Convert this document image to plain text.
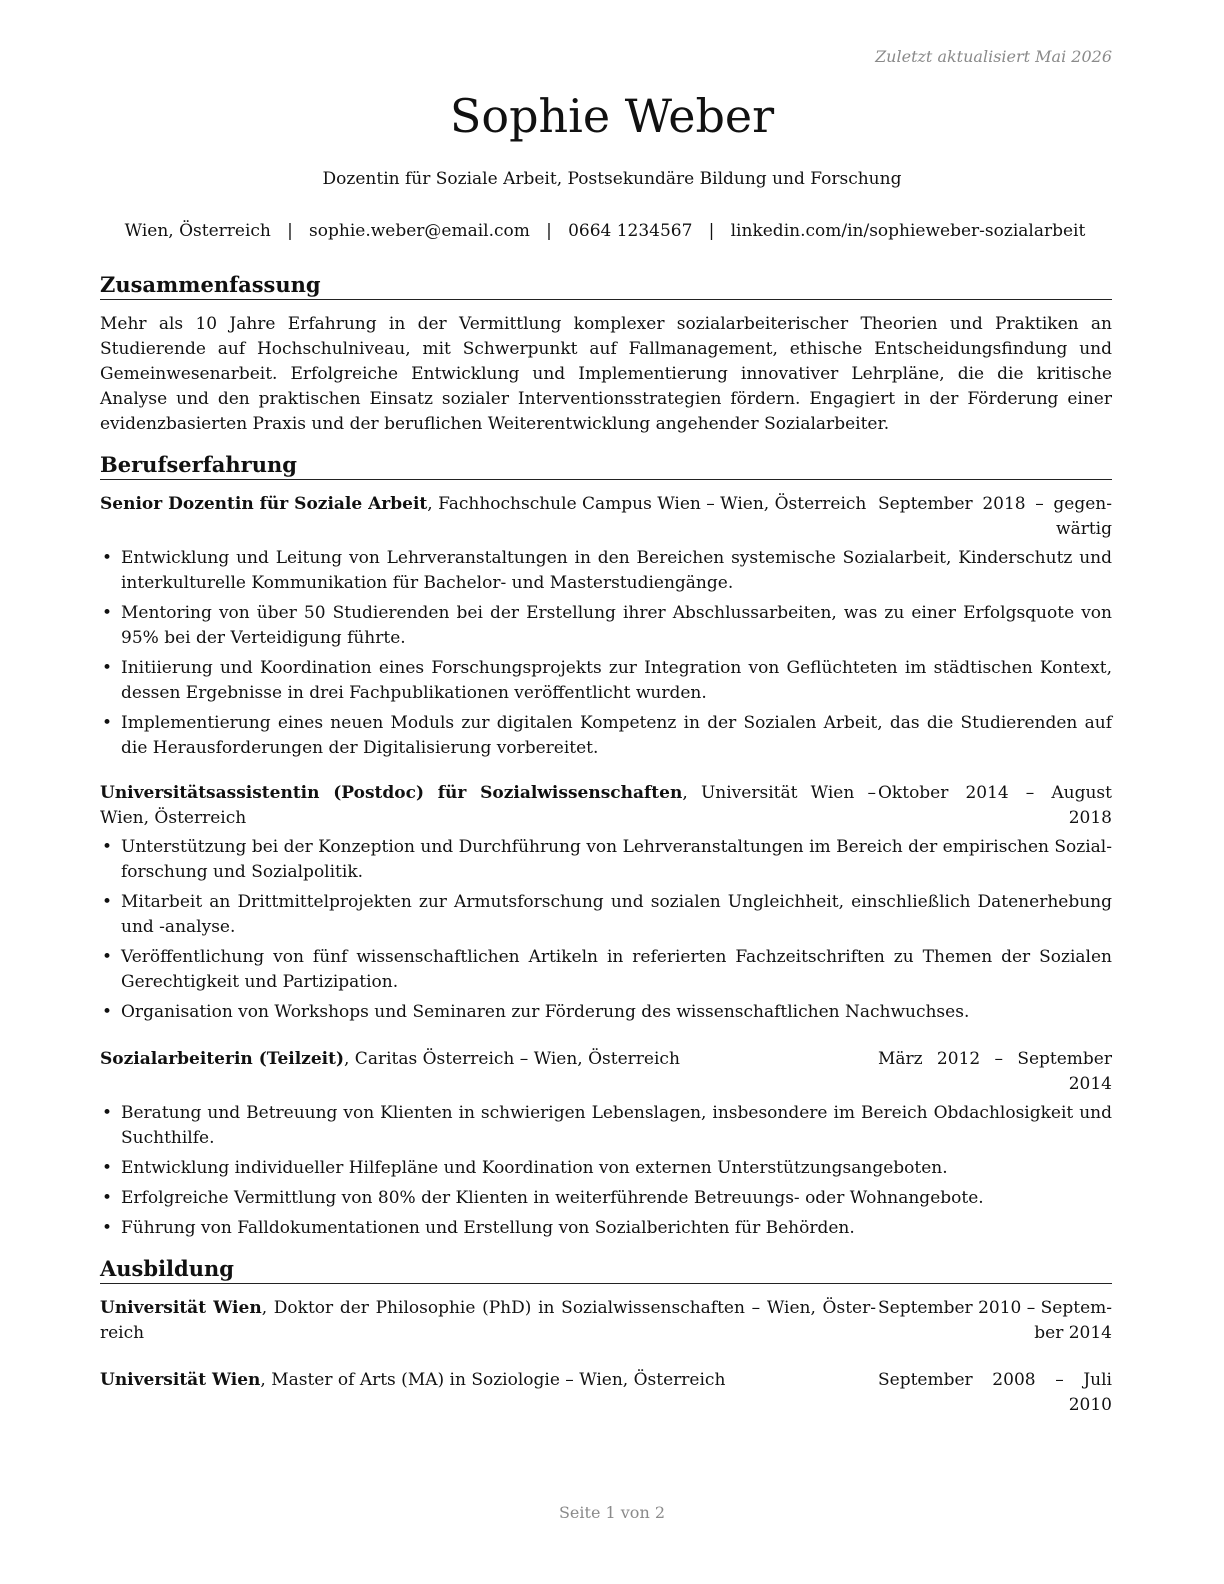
Zuletzt aktualisiert Mai 2026
Sophie Weber
Dozentin für Soziale Arbeit, Postsekundäre Bildung und Forschung
Wien, Österreich | sophie.weber@email.com | 0664 1234567 | linkedin.com/in/sophieweber-sozialarbeit
Zusammenfassung

Mehr als 10 Jahre Erfahrung in der Vermittlung komplexer sozialarbeiterischer Theorien und Praktiken an Studierende auf Hochschulniveau, mit Schwerpunkt auf Fallmanagement, ethische Entscheidungsfindung und Gemeinwesenarbeit. Erfolgreiche Entwicklung und Implementierung innovativer Lehrpläne, die die kritische Analyse und den praktischen Einsatz sozialer Interventionsstrategien fördern. Engagiert in der Förderung einer evidenzbasierten Praxis und der beruflichen Weiterentwicklung angehender Sozialarbeiter.

Berufserfahrung
Senior Dozentin für Soziale Arbeit, Fachhochschule Campus Wien – Wien, Österreich September 2018 – gegenwärtig
• Entwicklung und Leitung von Lehrveranstaltungen in den Bereichen systemische Sozialarbeit, Kinderschutz und interkulturelle Kommunikation für Bachelor- und Masterstudiengänge.
• Mentoring von über 50 Studierenden bei der Erstellung ihrer Abschlussarbeiten, was zu einer Erfolgsquote von 95% bei der Verteidigung führte.
• Initiierung und Koordination eines Forschungsprojekts zur Integration von Geflüchteten im städtischen Kontext, dessen Ergebnisse in drei Fachpublikationen veröffentlicht wurden.
• Implementierung eines neuen Moduls zur digitalen Kompetenz in der Sozialen Arbeit, das die Studierenden auf die Herausforderungen der Digitalisierung vorbereitet.
Universitätsassistentin (Postdoc) für Sozialwissenschaften, Universität Wien – Wien, Österreich
Oktober 2014 – August 2018
• Unterstützung bei der Konzeption und Durchführung von Lehrveranstaltungen im Bereich der empirischen Sozialforschung und Sozialpolitik.
• Mitarbeit an Drittmittelprojekten zur Armutsforschung und sozialen Ungleichheit, einschließlich Datenerhebung und -analyse.
• Veröffentlichung von fünf wissenschaftlichen Artikeln in referierten Fachzeitschriften zu Themen der Sozialen Gerechtigkeit und Partizipation.
• Organisation von Workshops und Seminaren zur Förderung des wissenschaftlichen Nachwuchses.
Sozialarbeiterin (Teilzeit), Caritas Österreich – Wien, Österreich	März 2012 – September 2014
• Beratung und Betreuung von Klienten in schwierigen Lebenslagen, insbesondere im Bereich Obdachlosigkeit und Suchthilfe.
• Entwicklung individueller Hilfepläne und Koordination von externen Unterstützungsangeboten.
• Erfolgreiche Vermittlung von 80% der Klienten in weiterführende Betreuungs- oder Wohnangebote.
• Führung von Falldokumentationen und Erstellung von Sozialberichten für Behörden.
Ausbildung
Universität Wien, Doktor der Philosophie (PhD) in Sozialwissenschaften – Wien, Österreich
September 2010 – September 2014
Universität Wien, Master of Arts (MA) in Soziologie – Wien, Österreich	September 2008 – Juli 2010
Seite 1 von 2
